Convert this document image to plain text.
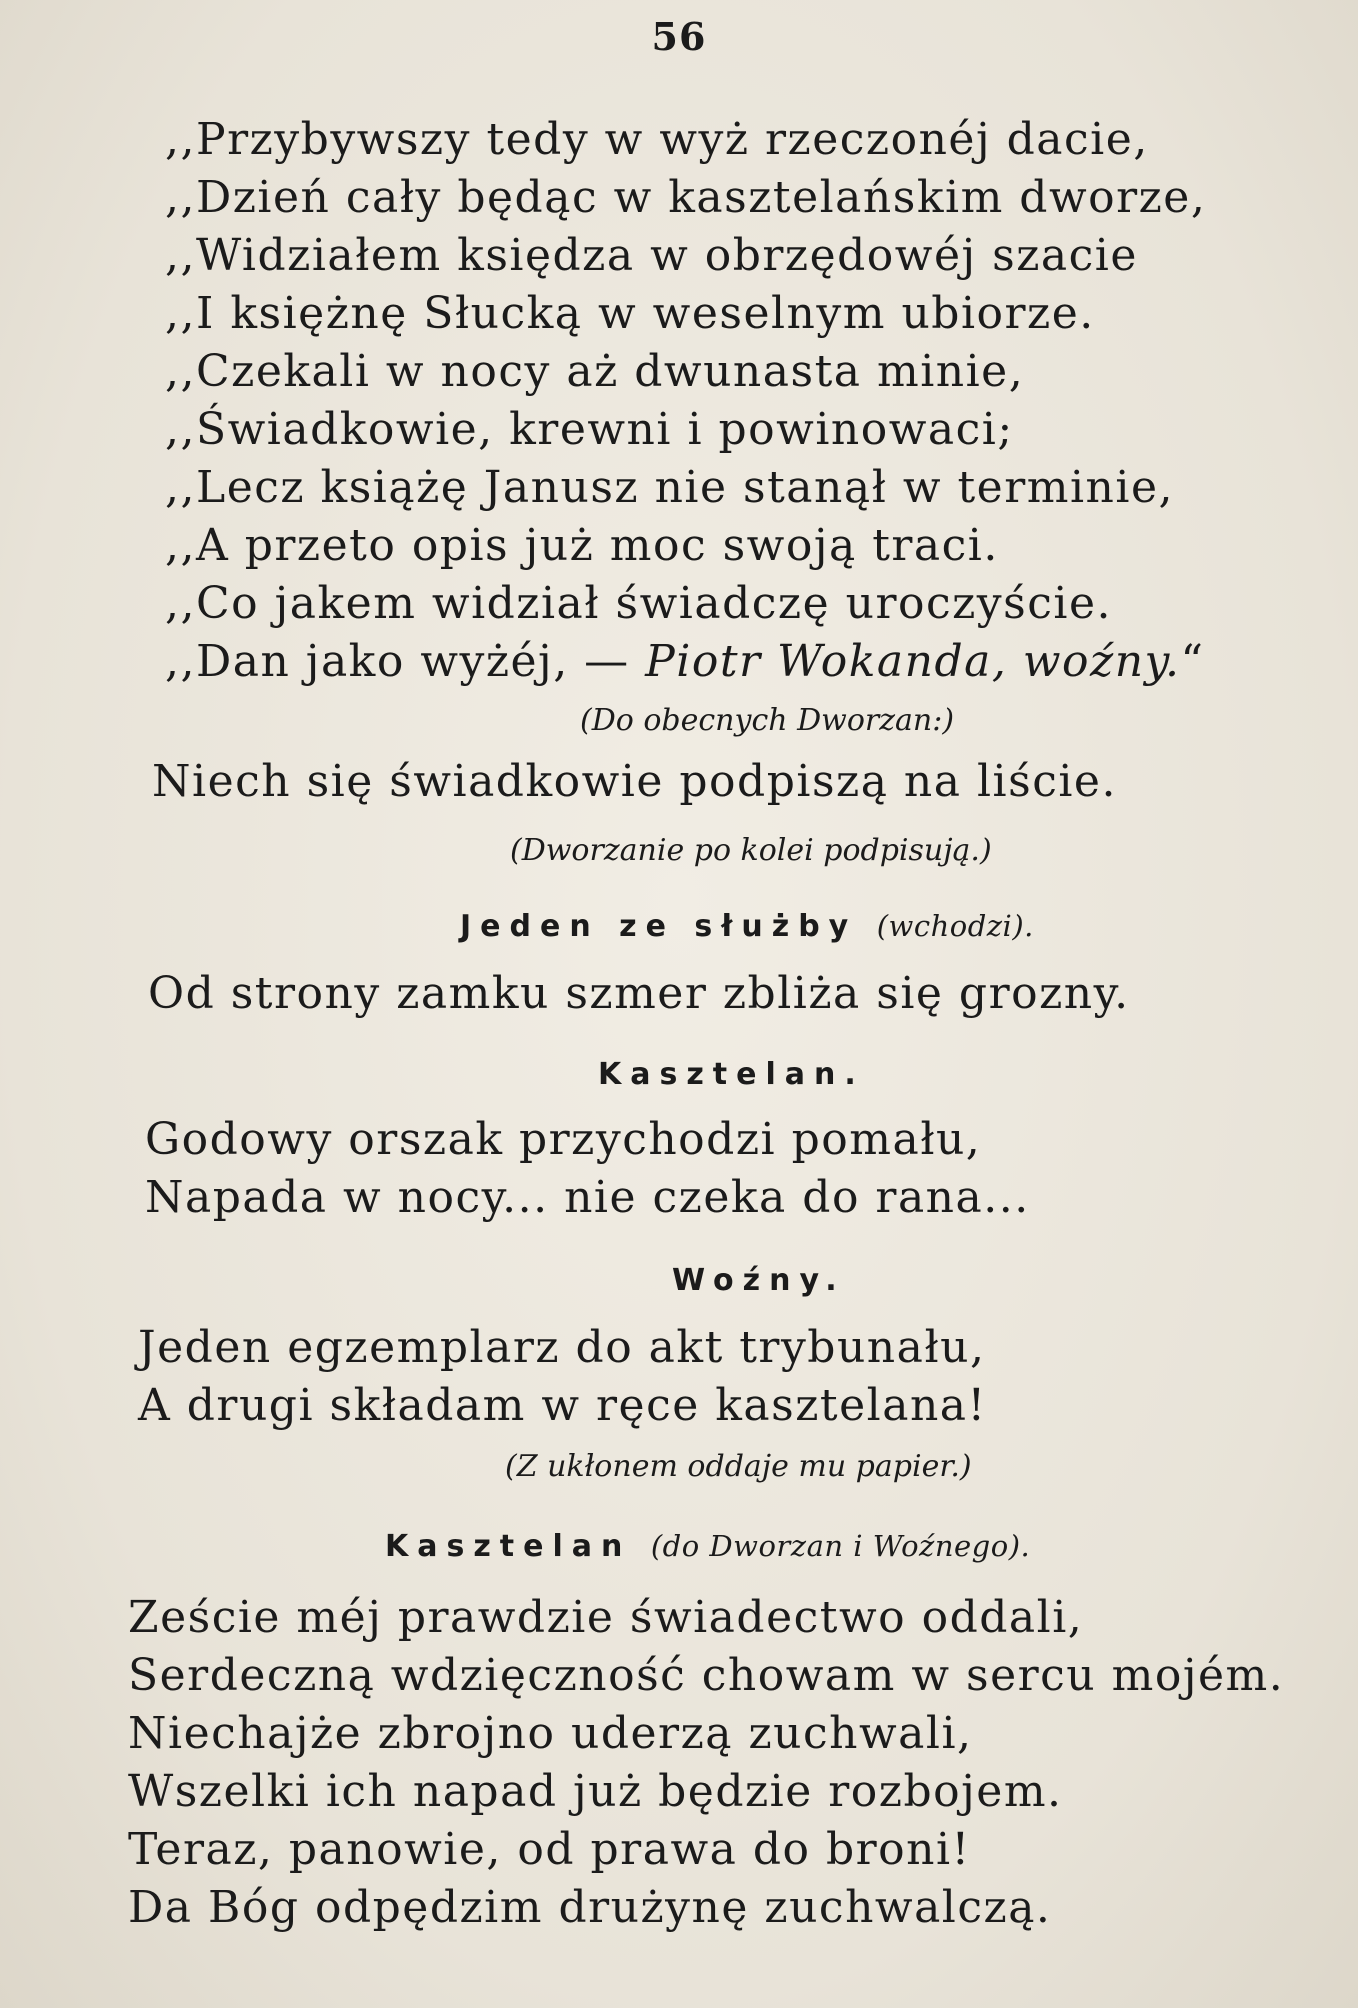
56
,,Przybywszy tedy w wyż rzeczonéj dacie,
,,Dzień cały będąc w kasztelańskim dworze,
,,Widziałem księdza w obrzędowéj szacie
,,I księżnę Słucką w weselnym ubiorze.
,,Czekali w nocy aż dwunasta minie,
,,Świadkowie, krewni i powinowaci;
,,Lecz książę Janusz nie stanął w terminie,
,,A przeto opis już moc swoją traci.
,,Co jakem widział świadczę uroczyście.
,,Dan jako wyżéj, — Piotr Wokanda, woźny.“
(Do obecnych Dworzan:)
Niech się świadkowie podpiszą na liście.
(Dworzanie po kolei podpisują.)
Jeden ze służby (wchodzi).
Od strony zamku szmer zbliża się grozny.
Kasztelan.
Godowy orszak przychodzi pomału,
Napada w nocy... nie czeka do rana...
Woźny.
Jeden egzemplarz do akt trybunału,
A drugi składam w ręce kasztelana!
(Z ukłonem oddaje mu papier.)
Kasztelan (do Dworzan i Woźnego).
Zeście méj prawdzie świadectwo oddali,
Serdeczną wdzięczność chowam w sercu mojém.
Niechajże zbrojno uderzą zuchwali,
Wszelki ich napad już będzie rozbojem.
Teraz, panowie, od prawa do broni!
Da Bóg odpędzim drużynę zuchwalczą.
